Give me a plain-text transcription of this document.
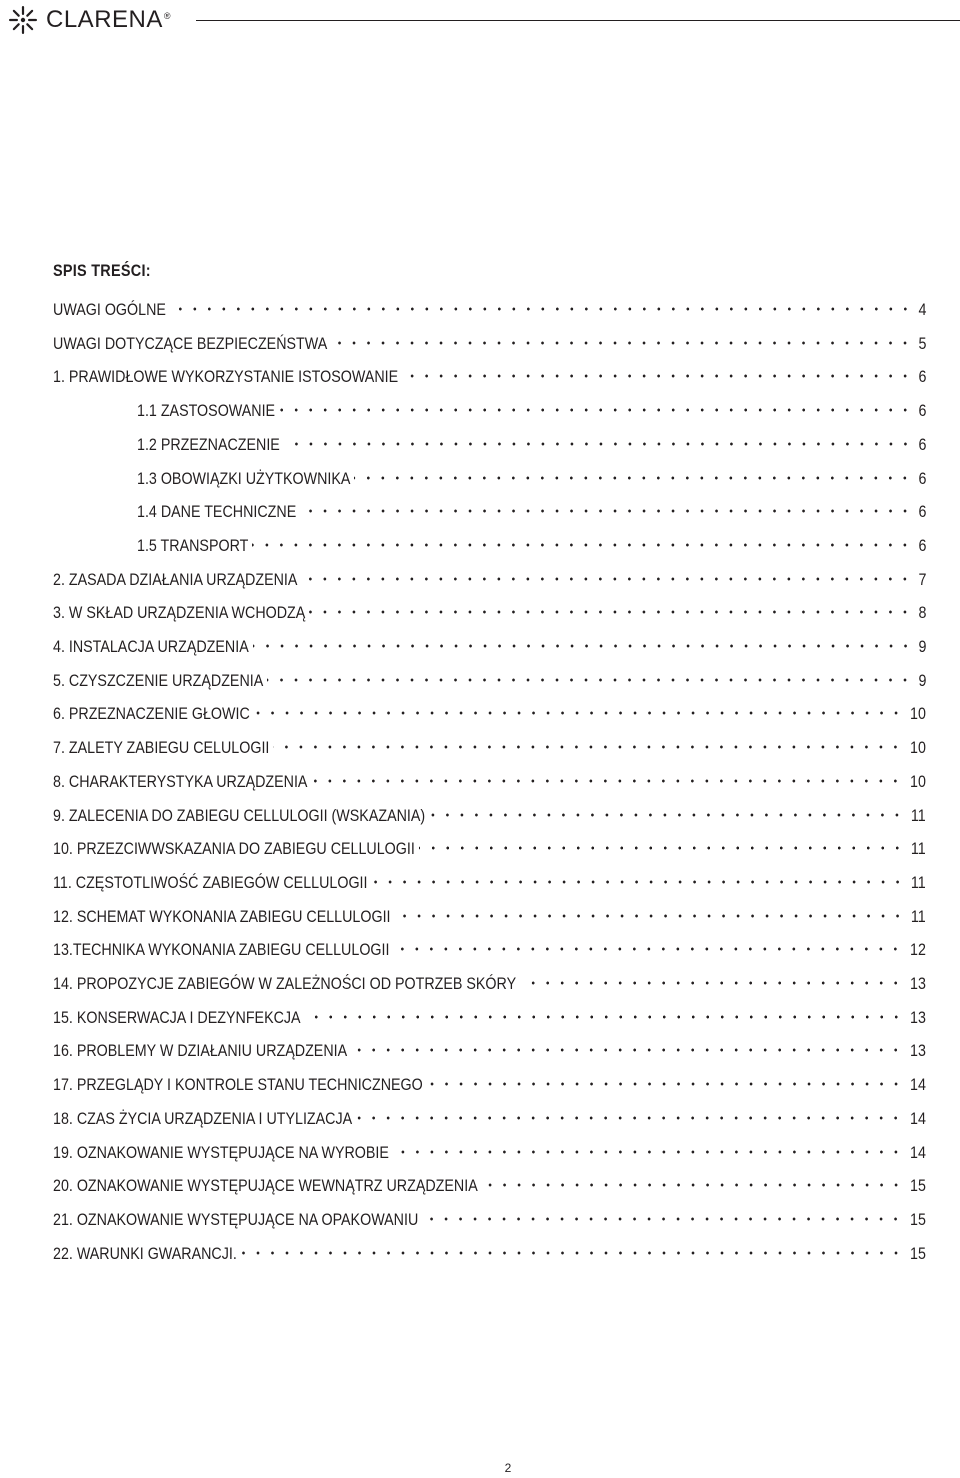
CLARENA®
SPIS TREŚCI:
UWAGI OGÓLNE	4
UWAGI DOTYCZĄCE BEZPIECZEŃSTWA	5
1. PRAWIDŁOWE WYKORZYSTANIE ISTOSOWANIE	6
1.1 ZASTOSOWANIE	6
1.2 PRZEZNACZENIE	6
1.3 OBOWIĄZKI UŻYTKOWNIKA	6
1.4 DANE TECHNICZNE	6
1.5 TRANSPORT	6
2. ZASADA DZIAŁANIA URZĄDZENIA	7
3. W SKŁAD URZĄDZENIA WCHODZĄ	8
4. INSTALACJA URZĄDZENIA	9
5. CZYSZCZENIE URZĄDZENIA	9
6. PRZEZNACZENIE GŁOWIC	10
7. ZALETY ZABIEGU CELULOGII	10
8. CHARAKTERYSTYKA URZĄDZENIA	10
9. ZALECENIA DO ZABIEGU CELLULOGII (WSKAZANIA)	11
10. PRZEZCIWWSKAZANIA DO ZABIEGU CELLULOGII	11
11. CZĘSTOTLIWOŚĆ ZABIEGÓW CELLULOGII	11
12. SCHEMAT WYKONANIA ZABIEGU CELLULOGII	11
13.TECHNIKA WYKONANIA ZABIEGU CELLULOGII	12
14. PROPOZYCJE ZABIEGÓW W ZALEŻNOŚCI OD POTRZEB SKÓRY	13
15. KONSERWACJA I DEZYNFEKCJA	13
16. PROBLEMY W DZIAŁANIU URZĄDZENIA	13
17. PRZEGLĄDY I KONTROLE STANU TECHNICZNEGO	14
18. CZAS ŻYCIA URZĄDZENIA I UTYLIZACJA	14
19. OZNAKOWANIE WYSTĘPUJĄCE NA WYROBIE	14
20. OZNAKOWANIE WYSTĘPUJĄCE WEWNĄTRZ URZĄDZENIA	15
21. OZNAKOWANIE WYSTĘPUJĄCE NA OPAKOWANIU	15
22. WARUNKI GWARANCJI.	15
2
